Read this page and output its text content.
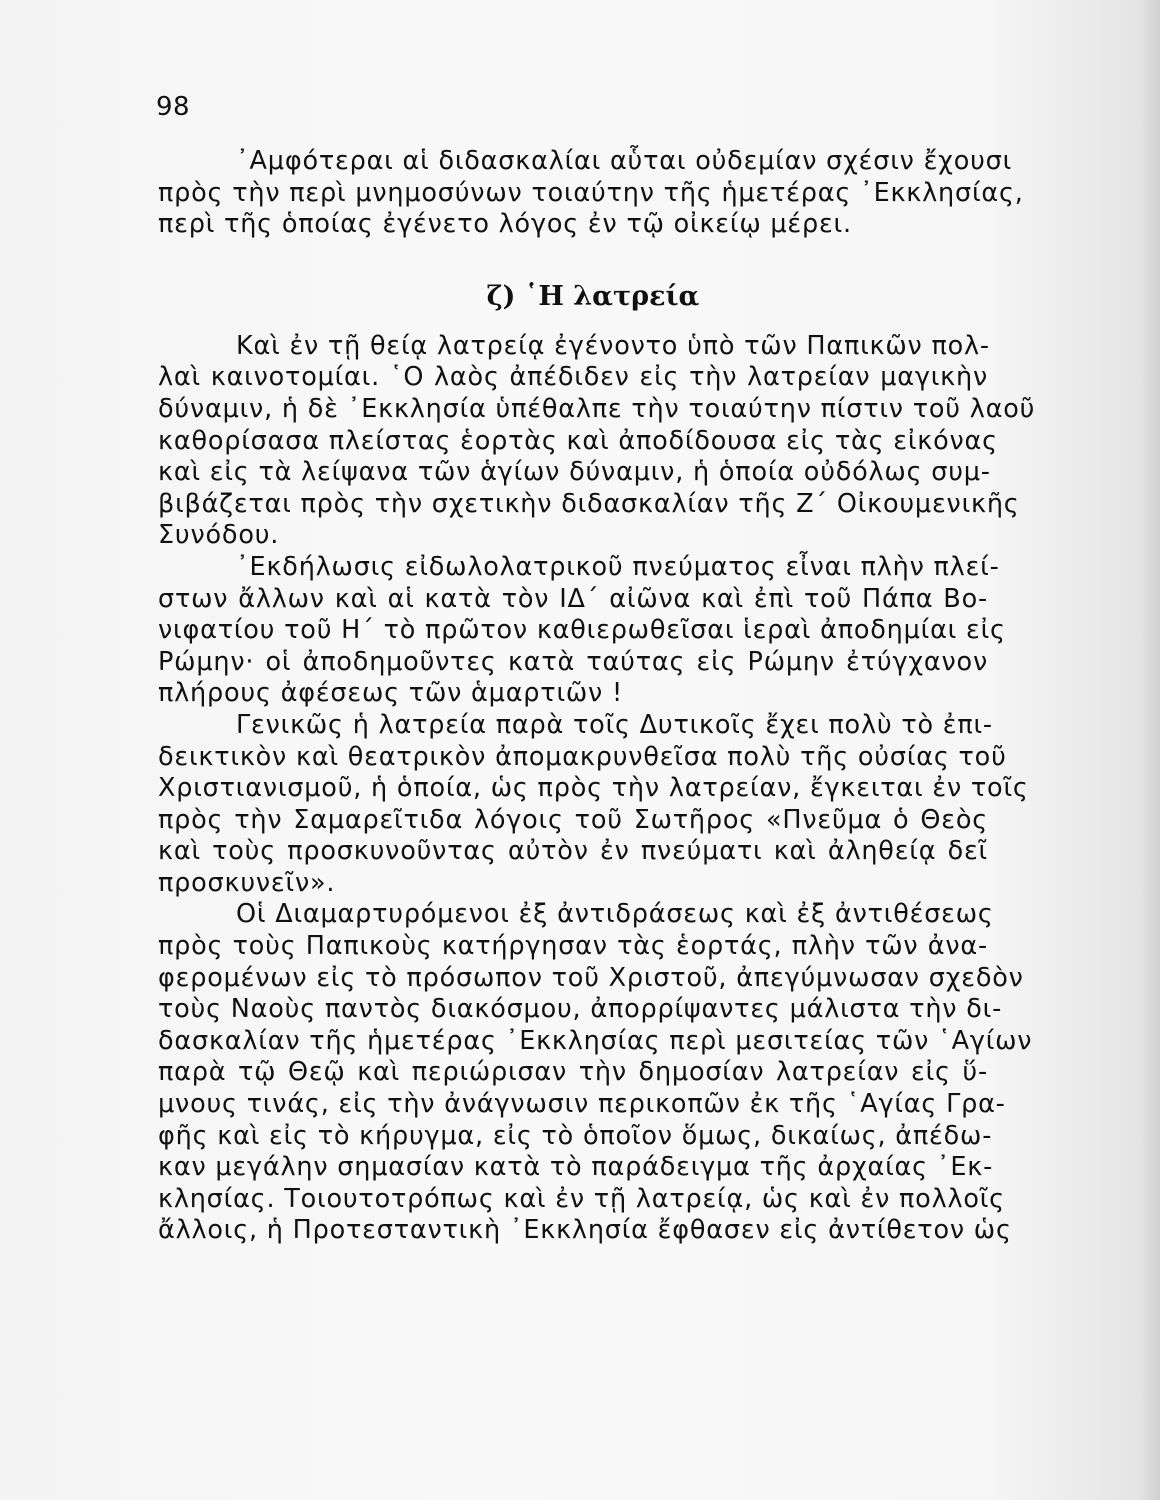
98

᾿Αμφότεραι αἱ διδασκαλίαι αὗται οὐδεμίαν σχέσιν ἔχουσι
πρὸς τὴν περὶ μνημοσύνων τοιαύτην τῆς ἡμετέρας ᾿Εκκλησίας,
περὶ τῆς ὁποίας ἐγένετο λόγος ἐν τῷ οἰκείῳ μέρει.

ζ) ῾Η λατρεία

Καὶ ἐν τῇ θείᾳ λατρείᾳ ἐγένοντο ὑπὸ τῶν Παπικῶν πολ-
λαὶ καινοτομίαι. ῾Ο λαὸς ἀπέδιδεν εἰς τὴν λατρείαν μαγικὴν
δύναμιν, ἡ δὲ ᾿Εκκλησία ὑπέθαλπε τὴν τοιαύτην πίστιν τοῦ λαοῦ
καθορίσασα πλείστας ἑορτὰς καὶ ἀποδίδουσα εἰς τὰς εἰκόνας
καὶ εἰς τὰ λείψανα τῶν ἁγίων δύναμιν, ἡ ὁποία οὐδόλως συμ-
βιβάζεται πρὸς τὴν σχετικὴν διδασκαλίαν τῆς Ζ΄ Οἰκουμενικῆς
Συνόδου.

᾿Εκδήλωσις εἰδωλολατρικοῦ πνεύματος εἶναι πλὴν πλεί-
στων ἄλλων καὶ αἱ κατὰ τὸν ΙΔ΄ αἰῶνα καὶ ἐπὶ τοῦ Πάπα Βο-
νιφατίου τοῦ Η΄ τὸ πρῶτον καθιερωθεῖσαι ἱεραὶ ἀποδημίαι εἰς
Ρώμην· οἱ ἀποδημοῦντες κατὰ ταύτας εἰς Ρώμην ἐτύγχανον
πλήρους ἀφέσεως τῶν ἁμαρτιῶν !

Γενικῶς ἡ λατρεία παρὰ τοῖς Δυτικοῖς ἔχει πολὺ τὸ ἐπι-
δεικτικὸν καὶ θεατρικὸν ἀπομακρυνθεῖσα πολὺ τῆς οὐσίας τοῦ
Χριστιανισμοῦ, ἡ ὁποία, ὡς πρὸς τὴν λατρείαν, ἔγκειται ἐν τοῖς
πρὸς τὴν Σαμαρεῖτιδα λόγοις τοῦ Σωτῆρος «Πνεῦμα ὁ Θεὸς
καὶ τοὺς προσκυνοῦντας αὐτὸν ἐν πνεύματι καὶ ἀληθείᾳ δεῖ
προσκυνεῖν».

Οἱ Διαμαρτυρόμενοι ἐξ ἀντιδράσεως καὶ ἐξ ἀντιθέσεως
πρὸς τοὺς Παπικοὺς κατήργησαν τὰς ἑορτάς, πλὴν τῶν ἀνα-
φερομένων εἰς τὸ πρόσωπον τοῦ Χριστοῦ, ἀπεγύμνωσαν σχεδὸν
τοὺς Ναοὺς παντὸς διακόσμου, ἀπορρίψαντες μάλιστα τὴν δι-
δασκαλίαν τῆς ἡμετέρας ᾿Εκκλησίας περὶ μεσιτείας τῶν ῾Αγίων
παρὰ τῷ Θεῷ καὶ περιώρισαν τὴν δημοσίαν λατρείαν εἰς ὕ-
μνους τινάς, εἰς τὴν ἀνάγνωσιν περικοπῶν ἐκ τῆς ῾Αγίας Γρα-
φῆς καὶ εἰς τὸ κήρυγμα, εἰς τὸ ὁποῖον ὅμως, δικαίως, ἀπέδω-
καν μεγάλην σημασίαν κατὰ τὸ παράδειγμα τῆς ἀρχαίας ᾿Εκ-
κλησίας. Τοιουτοτρόπως καὶ ἐν τῇ λατρείᾳ, ὡς καὶ ἐν πολλοῖς
ἄλλοις, ἡ Προτεσταντικὴ ᾿Εκκλησία ἔφθασεν εἰς ἀντίθετον ὡς
